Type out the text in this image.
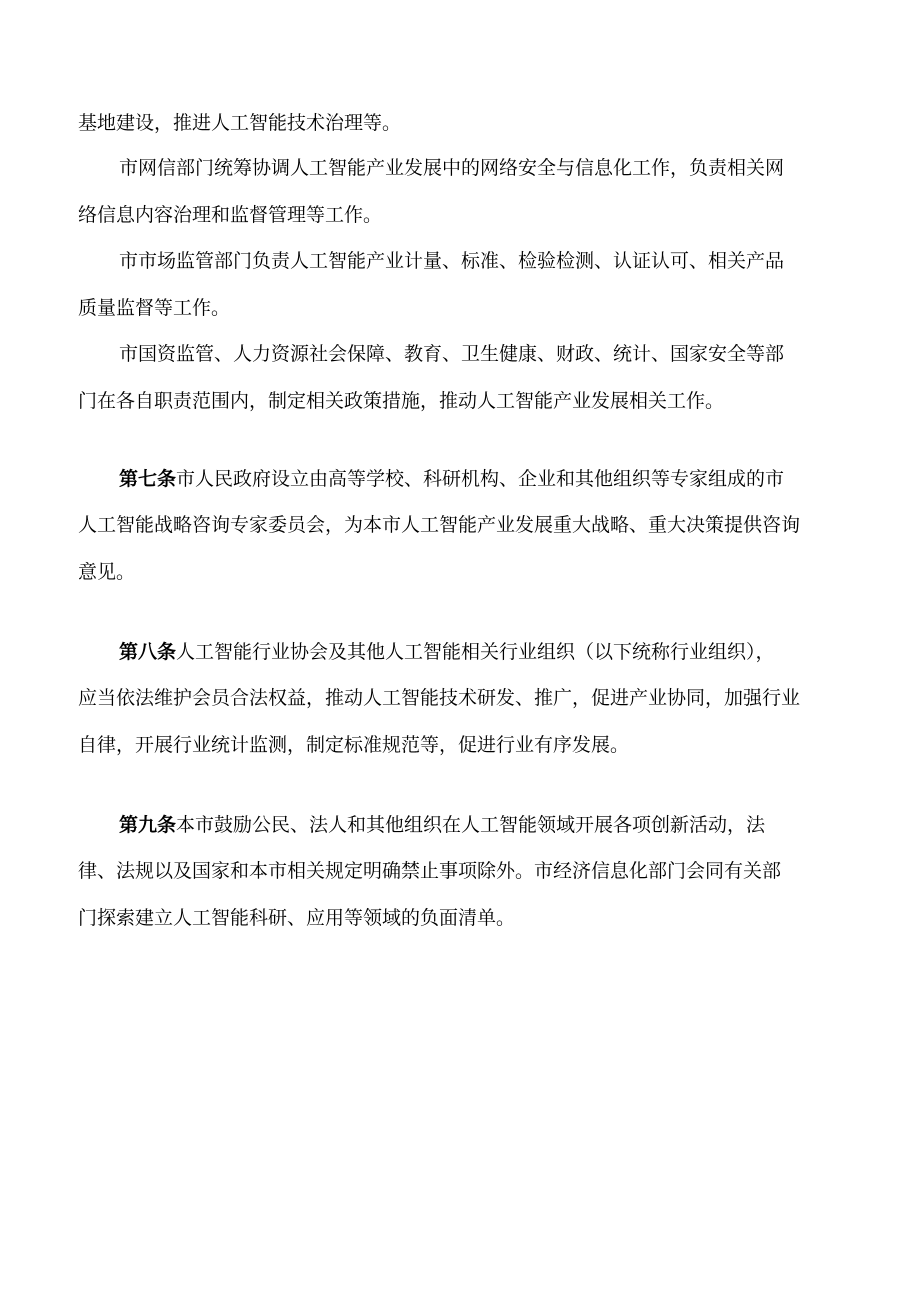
基地建设，推进人工智能技术治理等。
市网信部门统筹协调人工智能产业发展中的网络安全与信息化工作，负责相关网
络信息内容治理和监督管理等工作。
市市场监管部门负责人工智能产业计量、标准、检验检测、认证认可、相关产品
质量监督等工作。
市国资监管、人力资源社会保障、教育、卫生健康、财政、统计、国家安全等部
门在各自职责范围内，制定相关政策措施，推动人工智能产业发展相关工作。
第七条市人民政府设立由高等学校、科研机构、企业和其他组织等专家组成的市
人工智能战略咨询专家委员会，为本市人工智能产业发展重大战略、重大决策提供咨询
意见。
第八条人工智能行业协会及其他人工智能相关行业组织（以下统称行业组织），
应当依法维护会员合法权益，推动人工智能技术研发、推广，促进产业协同，加强行业
自律，开展行业统计监测，制定标准规范等，促进行业有序发展。
第九条本市鼓励公民、法人和其他组织在人工智能领域开展各项创新活动，法
律、法规以及国家和本市相关规定明确禁止事项除外。市经济信息化部门会同有关部
门探索建立人工智能科研、应用等领域的负面清单。
